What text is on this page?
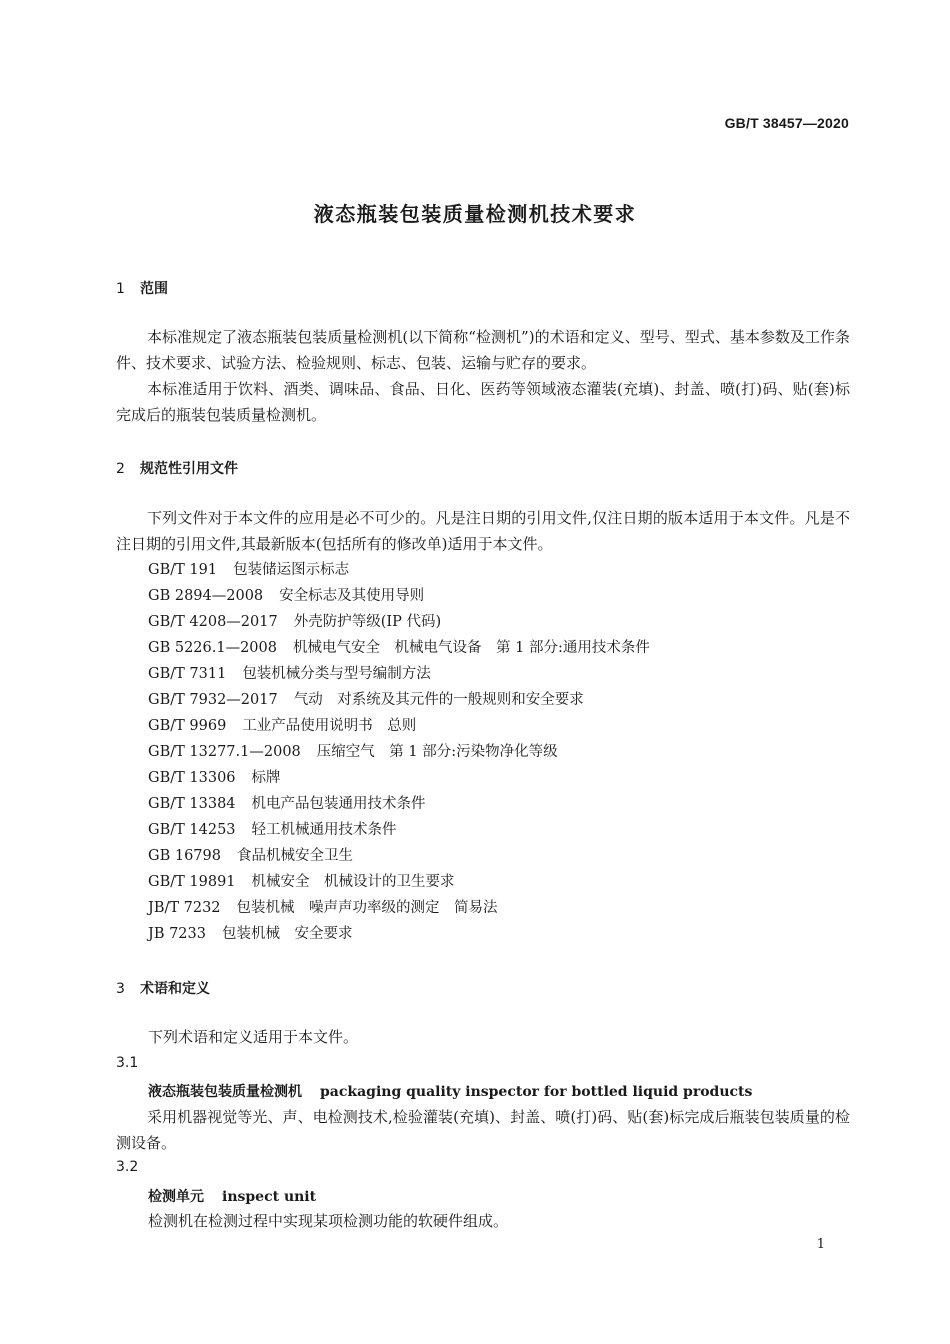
GB/T 38457—2020
液态瓶装包装质量检测机技术要求
1 范围
本标准规定了液态瓶装包装质量检测机(以下简称“检测机”)的术语和定义、型号、型式、基本参数及工作条件、技术要求、试验方法、检验规则、标志、包装、运输与贮存的要求。
本标准适用于饮料、酒类、调味品、食品、日化、医药等领域液态灌装(充填)、封盖、喷(打)码、贴(套)标完成后的瓶装包装质量检测机。
2 规范性引用文件
下列文件对于本文件的应用是必不可少的。凡是注日期的引用文件,仅注日期的版本适用于本文件。凡是不注日期的引用文件,其最新版本(包括所有的修改单)适用于本文件。
GB/T 191 包装储运图示标志
GB 2894—2008 安全标志及其使用导则
GB/T 4208—2017 外壳防护等级(IP 代码)
GB 5226.1—2008 机械电气安全　机械电气设备　第 1 部分:通用技术条件
GB/T 7311 包装机械分类与型号编制方法
GB/T 7932—2017 气动　对系统及其元件的一般规则和安全要求
GB/T 9969 工业产品使用说明书　总则
GB/T 13277.1—2008 压缩空气　第 1 部分:污染物净化等级
GB/T 13306 标牌
GB/T 13384 机电产品包装通用技术条件
GB/T 14253 轻工机械通用技术条件
GB 16798 食品机械安全卫生
GB/T 19891 机械安全　机械设计的卫生要求
JB/T 7232 包装机械　噪声声功率级的测定　简易法
JB 7233 包装机械　安全要求
3 术语和定义
下列术语和定义适用于本文件。
3.1
液态瓶装包装质量检测机 packaging quality inspector for bottled liquid products
采用机器视觉等光、声、电检测技术,检验灌装(充填)、封盖、喷(打)码、贴(套)标完成后瓶装包装质量的检测设备。
3.2
检测单元 inspect unit
检测机在检测过程中实现某项检测功能的软硬件组成。
1
